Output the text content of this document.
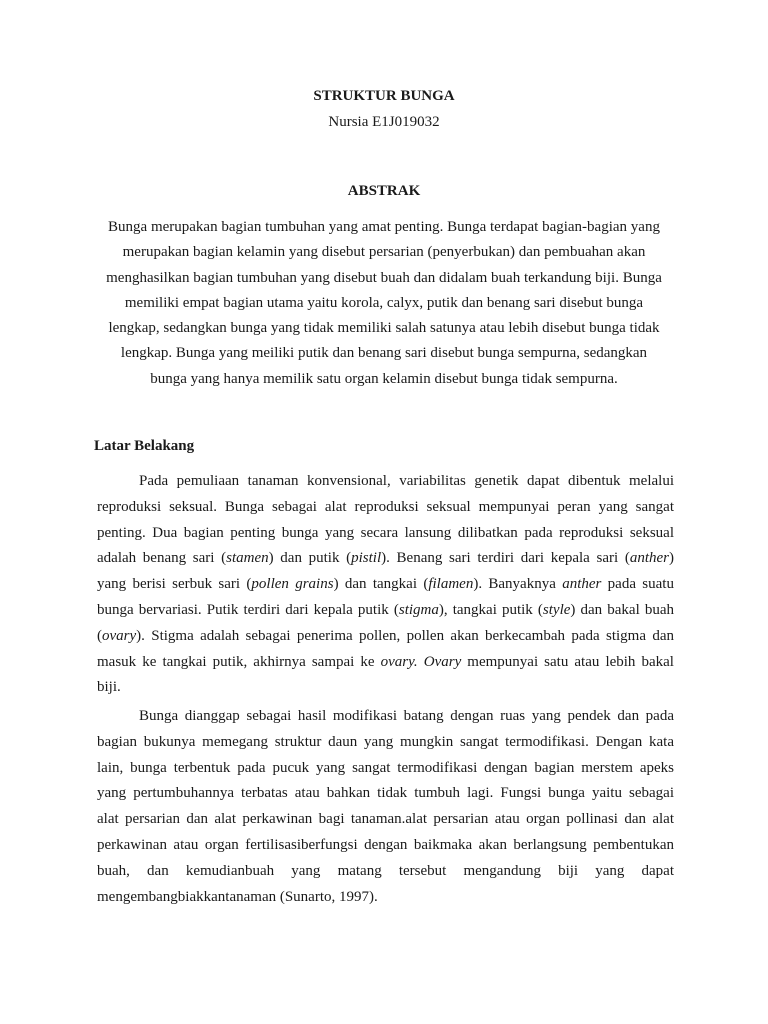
STRUKTUR BUNGA
Nursia E1J019032
ABSTRAK
Bunga merupakan bagian tumbuhan yang amat penting. Bunga terdapat bagian-bagian yang
merupakan bagian kelamin yang disebut persarian (penyerbukan) dan pembuahan akan
menghasilkan bagian tumbuhan yang disebut buah dan didalam buah terkandung biji. Bunga
memiliki empat bagian utama yaitu korola, calyx, putik dan benang sari disebut bunga
lengkap, sedangkan bunga yang tidak memiliki salah satunya atau lebih disebut bunga tidak
lengkap. Bunga yang meiliki putik dan benang sari disebut bunga sempurna, sedangkan
bunga yang hanya memilik satu organ kelamin disebut bunga tidak sempurna.
Latar Belakang
Pada pemuliaan tanaman konvensional, variabilitas genetik dapat dibentuk melalui
reproduksi seksual. Bunga sebagai alat reproduksi seksual mempunyai peran yang sangat
penting. Dua bagian penting bunga yang secara lansung dilibatkan pada reproduksi seksual
adalah benang sari (stamen) dan putik (pistil). Benang sari terdiri dari kepala sari (anther)
yang berisi serbuk sari (pollen grains) dan tangkai (filamen). Banyaknya anther pada suatu
bunga bervariasi. Putik terdiri dari kepala putik (stigma), tangkai putik (style) dan bakal buah
(ovary). Stigma adalah sebagai penerima pollen, pollen akan berkecambah pada stigma dan
masuk ke tangkai putik, akhirnya sampai ke ovary. Ovary mempunyai satu atau lebih bakal
biji.
Bunga dianggap sebagai hasil modifikasi batang dengan ruas yang pendek dan pada
bagian bukunya memegang struktur daun yang mungkin sangat termodifikasi. Dengan kata
lain, bunga terbentuk pada pucuk yang sangat termodifikasi dengan bagian merstem apeks
yang pertumbuhannya terbatas atau bahkan tidak tumbuh lagi. Fungsi bunga yaitu sebagai
alat persarian dan alat perkawinan bagi tanaman.alat persarian atau organ pollinasi dan alat
perkawinan atau organ fertilisasiberfungsi dengan baikmaka akan berlangsung pembentukan
buah, dan kemudianbuah yang matang tersebut mengandung biji yang dapat
mengembangbiakkantanaman (Sunarto, 1997).
